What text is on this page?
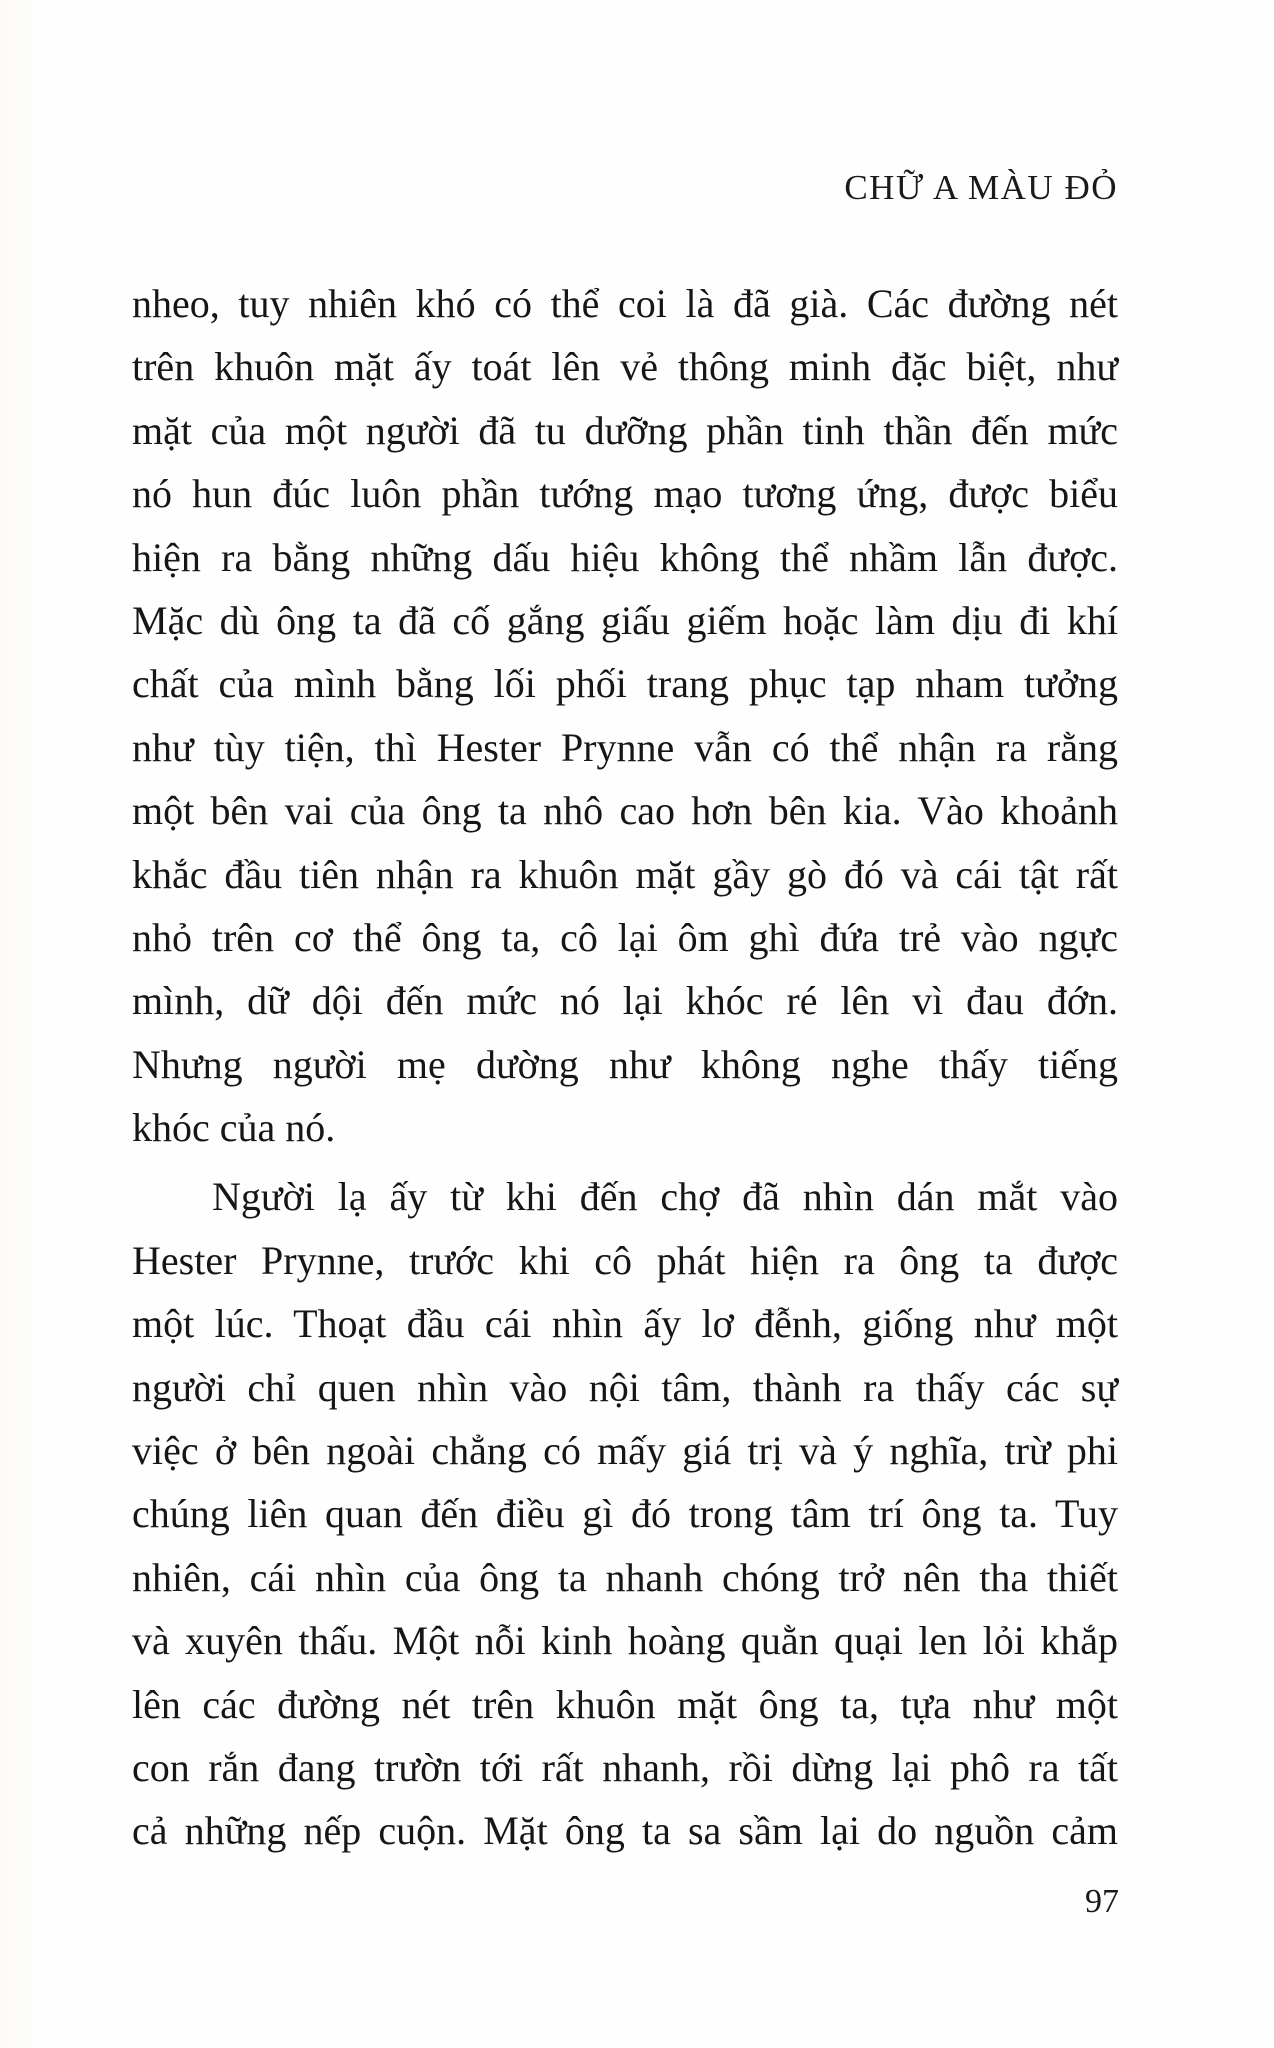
CHỮ A MÀU ĐỎ
nheo, tuy nhiên khó có thể coi là đã già. Các đường nét
trên khuôn mặt ấy toát lên vẻ thông minh đặc biệt, như
mặt của một người đã tu dưỡng phần tinh thần đến mức
nó hun đúc luôn phần tướng mạo tương ứng, được biểu
hiện ra bằng những dấu hiệu không thể nhầm lẫn được.
Mặc dù ông ta đã cố gắng giấu giếm hoặc làm dịu đi khí
chất của mình bằng lối phối trang phục tạp nham tưởng
như tùy tiện, thì Hester Prynne vẫn có thể nhận ra rằng
một bên vai của ông ta nhô cao hơn bên kia. Vào khoảnh
khắc đầu tiên nhận ra khuôn mặt gầy gò đó và cái tật rất
nhỏ trên cơ thể ông ta, cô lại ôm ghì đứa trẻ vào ngực
mình, dữ dội đến mức nó lại khóc ré lên vì đau đớn.
Nhưng người mẹ dường như không nghe thấy tiếng
khóc của nó.
Người lạ ấy từ khi đến chợ đã nhìn dán mắt vào
Hester Prynne, trước khi cô phát hiện ra ông ta được
một lúc. Thoạt đầu cái nhìn ấy lơ đễnh, giống như một
người chỉ quen nhìn vào nội tâm, thành ra thấy các sự
việc ở bên ngoài chẳng có mấy giá trị và ý nghĩa, trừ phi
chúng liên quan đến điều gì đó trong tâm trí ông ta. Tuy
nhiên, cái nhìn của ông ta nhanh chóng trở nên tha thiết
và xuyên thấu. Một nỗi kinh hoàng quằn quại len lỏi khắp
lên các đường nét trên khuôn mặt ông ta, tựa như một
con rắn đang trườn tới rất nhanh, rồi dừng lại phô ra tất
cả những nếp cuộn. Mặt ông ta sa sầm lại do nguồn cảm
97
